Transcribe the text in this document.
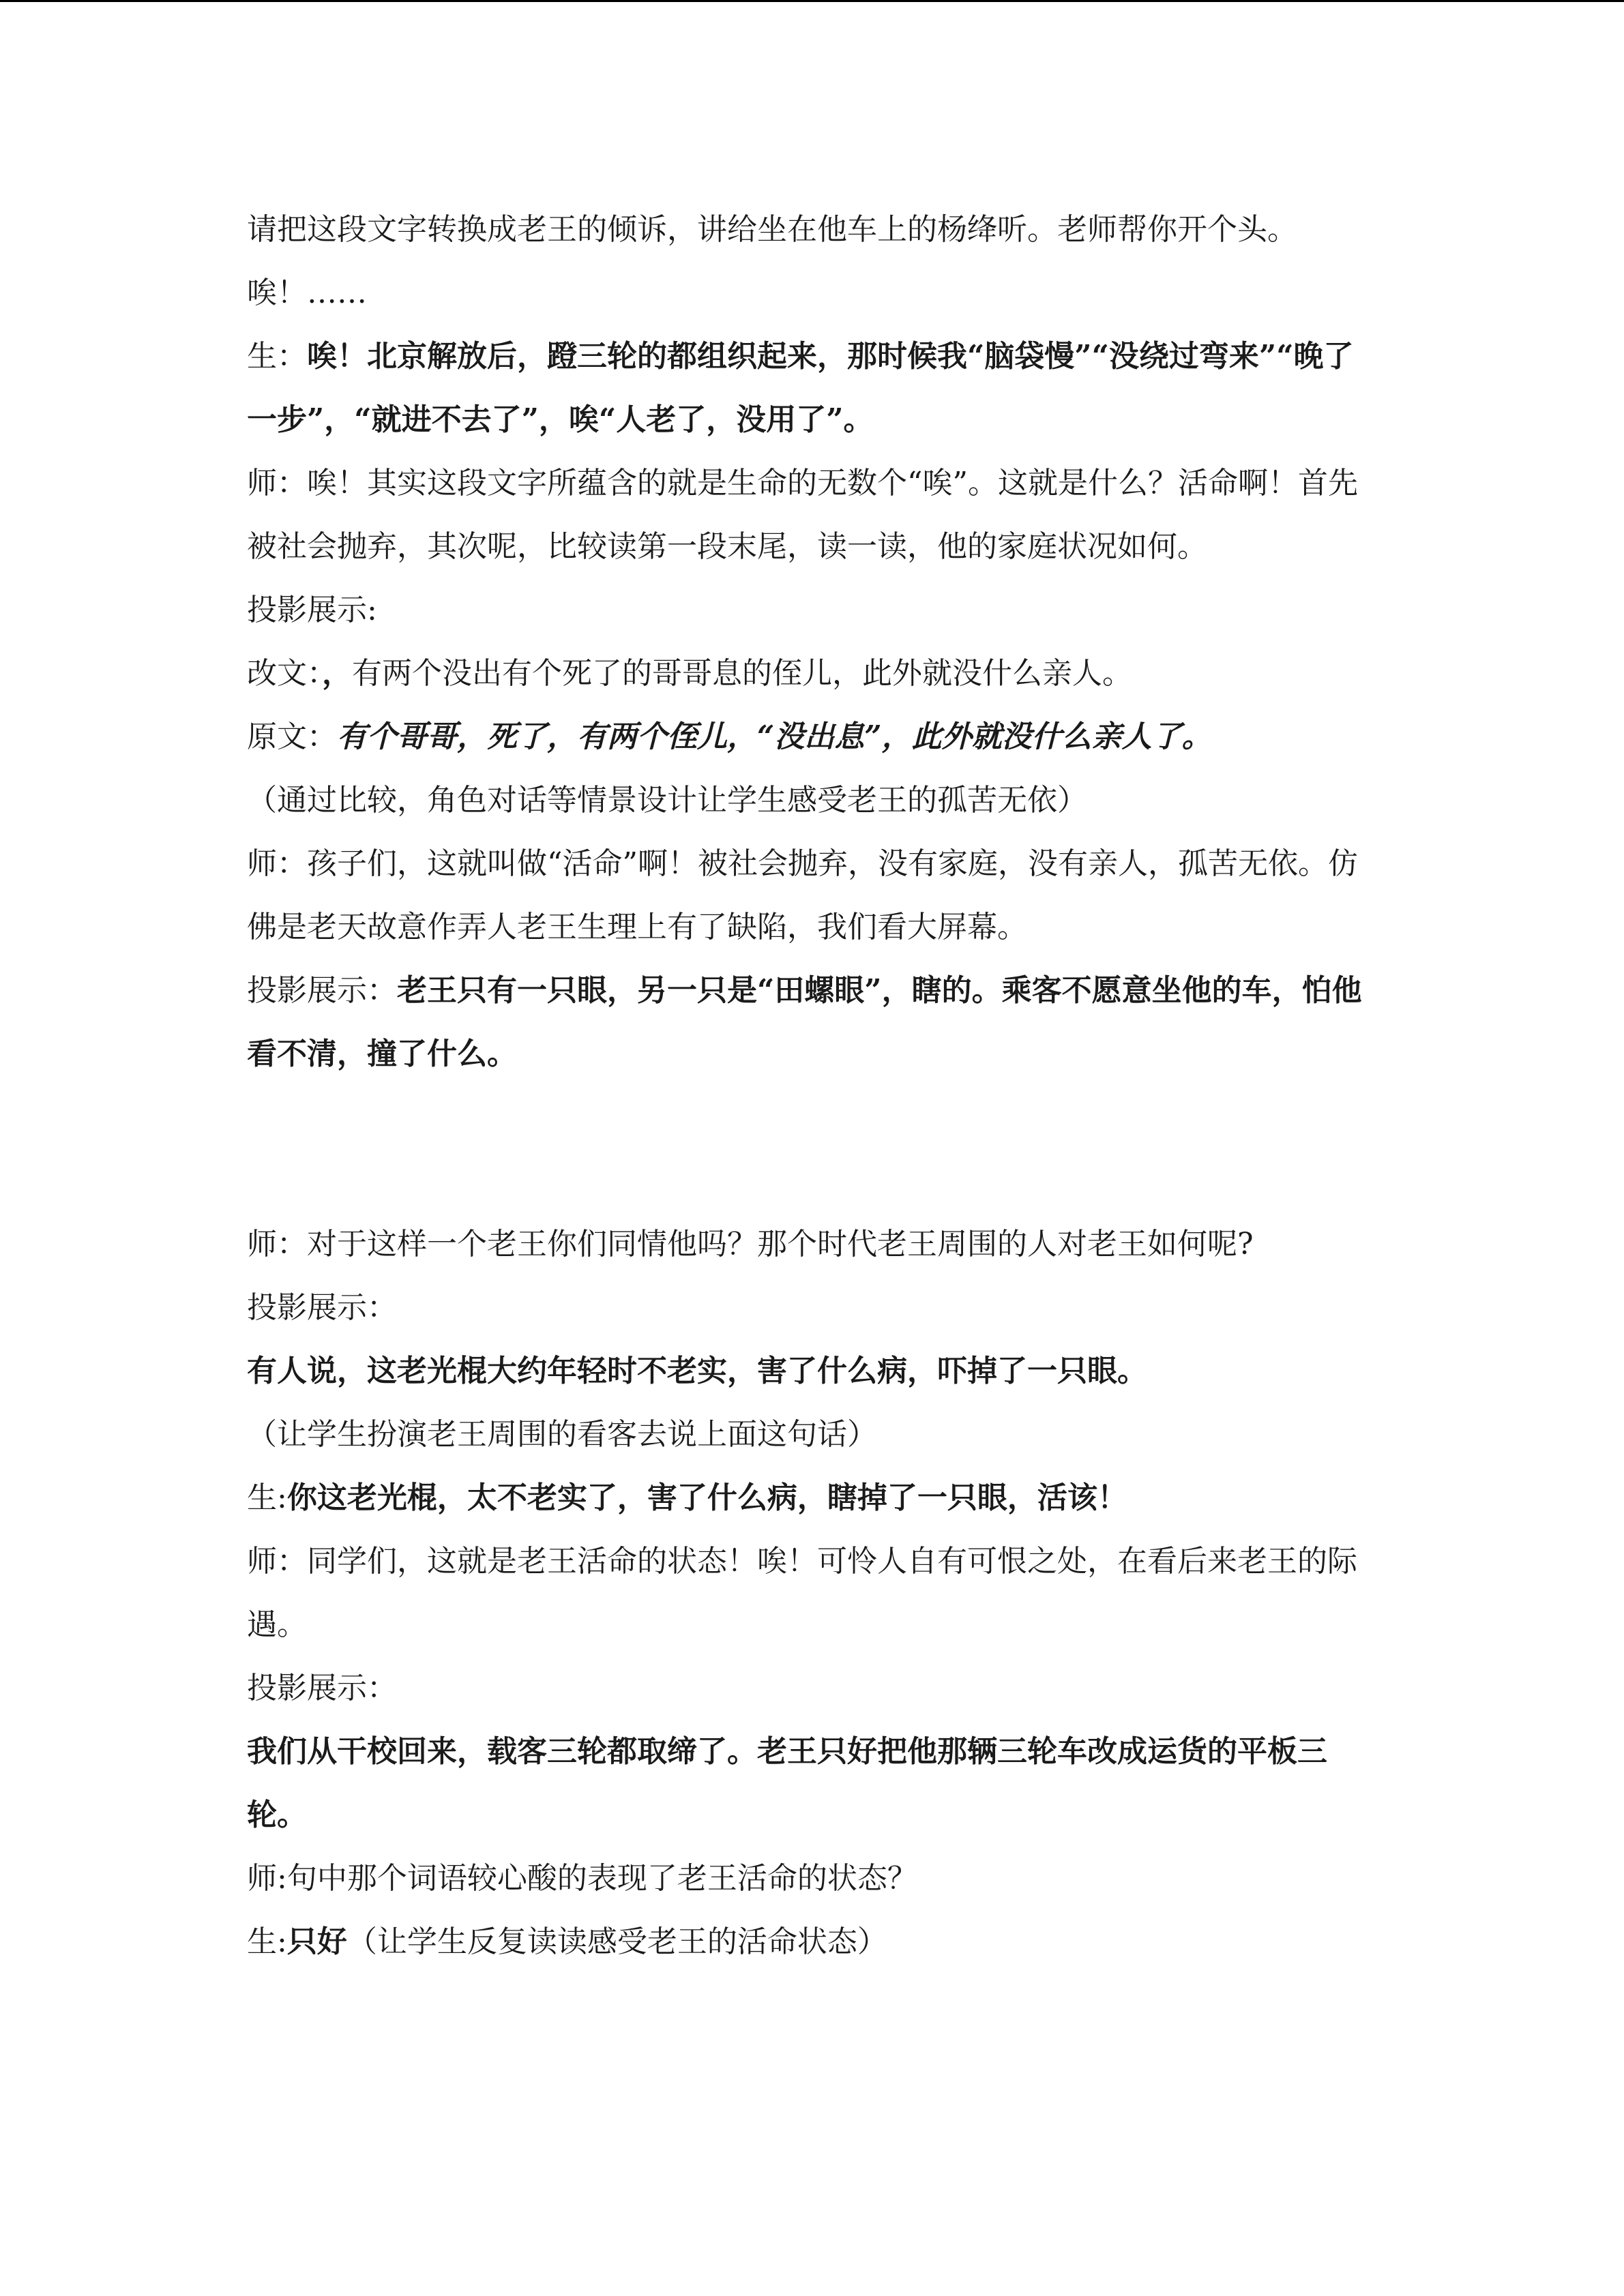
请把这段文字转换成老王的倾诉，讲给坐在他车上的杨绛听。老师帮你开个头。唉！……

生：唉！北京解放后，蹬三轮的都组织起来，那时候我“脑袋慢”“没绕过弯来”“晚了一步”，“就进不去了”，唉“人老了，没用了”。

师：唉！其实这段文字所蕴含的就是生命的无数个“唉”。这就是什么？活命啊！首先被社会抛弃，其次呢，比较读第一段末尾，读一读，他的家庭状况如何。

投影展示:

改文：，有两个没出有个死了的哥哥息的侄儿，此外就没什么亲人。

原文：有个哥哥，死了，有两个侄儿，“没出息”，此外就没什么亲人了。

（通过比较，角色对话等情景设计让学生感受老王的孤苦无依）

师：孩子们，这就叫做“活命”啊！被社会抛弃，没有家庭，没有亲人，孤苦无依。仿佛是老天故意作弄人老王生理上有了缺陷，我们看大屏幕。

投影展示：老王只有一只眼，另一只是“田螺眼”，瞎的。乘客不愿意坐他的车，怕他看不清，撞了什么。

师：对于这样一个老王你们同情他吗？那个时代老王周围的人对老王如何呢?

投影展示：

有人说，这老光棍大约年轻时不老实，害了什么病，吓掉了一只眼。

（让学生扮演老王周围的看客去说上面这句话）

生:你这老光棍，太不老实了，害了什么病，瞎掉了一只眼，活该！

师：同学们，这就是老王活命的状态！唉！可怜人自有可恨之处，在看后来老王的际遇。

投影展示：

我们从干校回来，载客三轮都取缔了。老王只好把他那辆三轮车改成运货的平板三轮。

师:句中那个词语较心酸的表现了老王活命的状态？

生:只好（让学生反复读读感受老王的活命状态）
